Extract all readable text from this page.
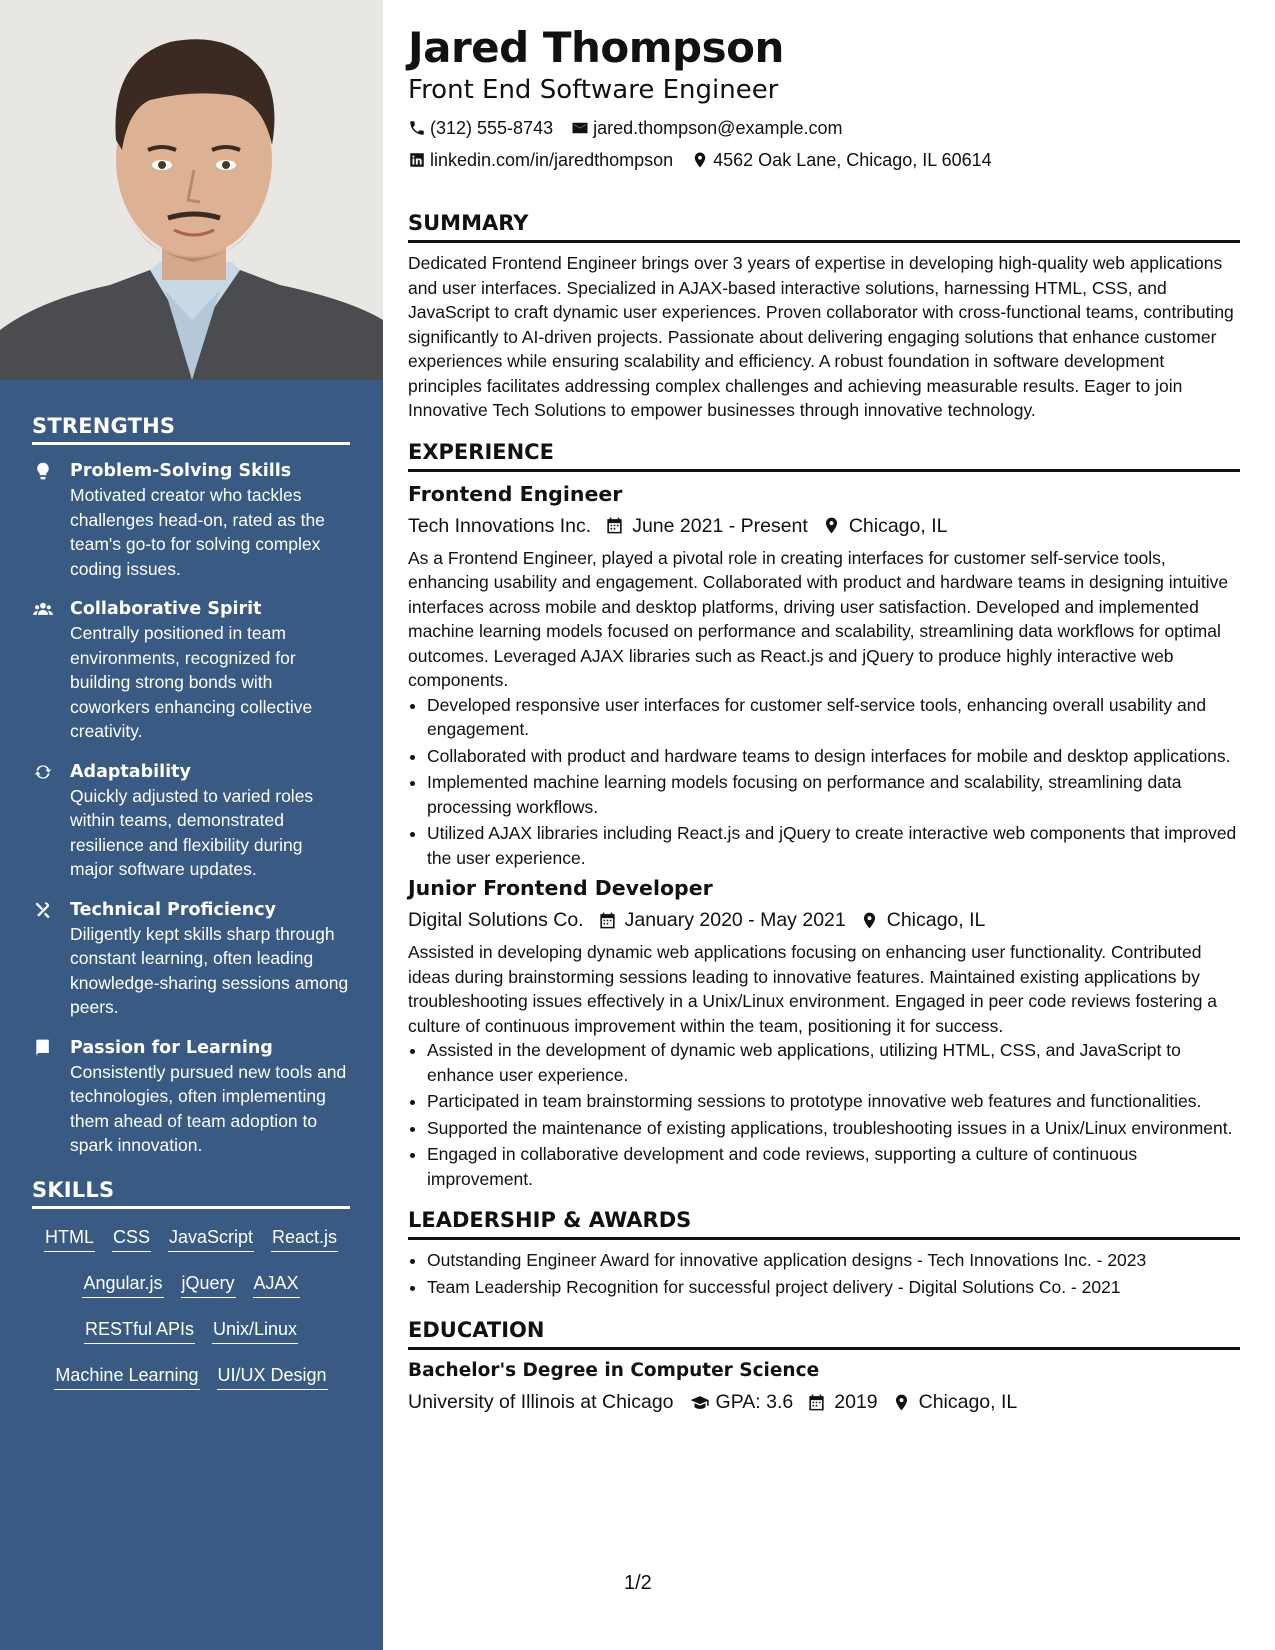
STRENGTHS
Problem-Solving Skills
Motivated creator who tackles challenges head-on, rated as the team's go-to for solving complex coding issues.
Collaborative Spirit
Centrally positioned in team environments, recognized for building strong bonds with coworkers enhancing collective creativity.
Adaptability
Quickly adjusted to varied roles within teams, demonstrated resilience and flexibility during major software updates.
Technical Proficiency
Diligently kept skills sharp through constant learning, often leading knowledge-sharing sessions among peers.
Passion for Learning
Consistently pursued new tools and technologies, often implementing them ahead of team adoption to spark innovation.
SKILLS
HTML CSS JavaScript React.js
Angular.js jQuery AJAX
RESTful APIs Unix/Linux
Machine Learning UI/UX Design
Jared Thompson
Front End Software Engineer
(312) 555-8743 jared.thompson@example.com
linkedin.com/in/jaredthompson 4562 Oak Lane, Chicago, IL 60614
SUMMARY

Dedicated Frontend Engineer brings over 3 years of expertise in developing high-quality web applications and user interfaces. Specialized in AJAX-based interactive solutions, harnessing HTML, CSS, and JavaScript to craft dynamic user experiences. Proven collaborator with cross-functional teams, contributing significantly to AI-driven projects. Passionate about delivering engaging solutions that enhance customer experiences while ensuring scalability and efficiency. A robust foundation in software development principles facilitates addressing complex challenges and achieving measurable results. Eager to join Innovative Tech Solutions to empower businesses through innovative technology.

EXPERIENCE
Frontend Engineer
Tech Innovations Inc. June 2021 - Present Chicago, IL

As a Frontend Engineer, played a pivotal role in creating interfaces for customer self-service tools, enhancing usability and engagement. Collaborated with product and hardware teams in designing intuitive interfaces across mobile and desktop platforms, driving user satisfaction. Developed and implemented machine learning models focused on performance and scalability, streamlining data workflows for optimal outcomes. Leveraged AJAX libraries such as React.js and jQuery to produce highly interactive web components.

• Developed responsive user interfaces for customer self-service tools, enhancing overall usability and engagement.
• Collaborated with product and hardware teams to design interfaces for mobile and desktop applications.
• Implemented machine learning models focusing on performance and scalability, streamlining data processing workflows.
• Utilized AJAX libraries including React.js and jQuery to create interactive web components that improved the user experience.
Junior Frontend Developer
Digital Solutions Co. January 2020 - May 2021 Chicago, IL

Assisted in developing dynamic web applications focusing on enhancing user functionality. Contributed ideas during brainstorming sessions leading to innovative features. Maintained existing applications by troubleshooting issues effectively in a Unix/Linux environment. Engaged in peer code reviews fostering a culture of continuous improvement within the team, positioning it for success.

• Assisted in the development of dynamic web applications, utilizing HTML, CSS, and JavaScript to enhance user experience.
• Participated in team brainstorming sessions to prototype innovative web features and functionalities.
• Supported the maintenance of existing applications, troubleshooting issues in a Unix/Linux environment.
• Engaged in collaborative development and code reviews, supporting a culture of continuous improvement.
LEADERSHIP & AWARDS
• Outstanding Engineer Award for innovative application designs - Tech Innovations Inc. - 2023
• Team Leadership Recognition for successful project delivery - Digital Solutions Co. - 2021
EDUCATION
Bachelor's Degree in Computer Science
University of Illinois at Chicago GPA: 3.6 2019 Chicago, IL
1/2
